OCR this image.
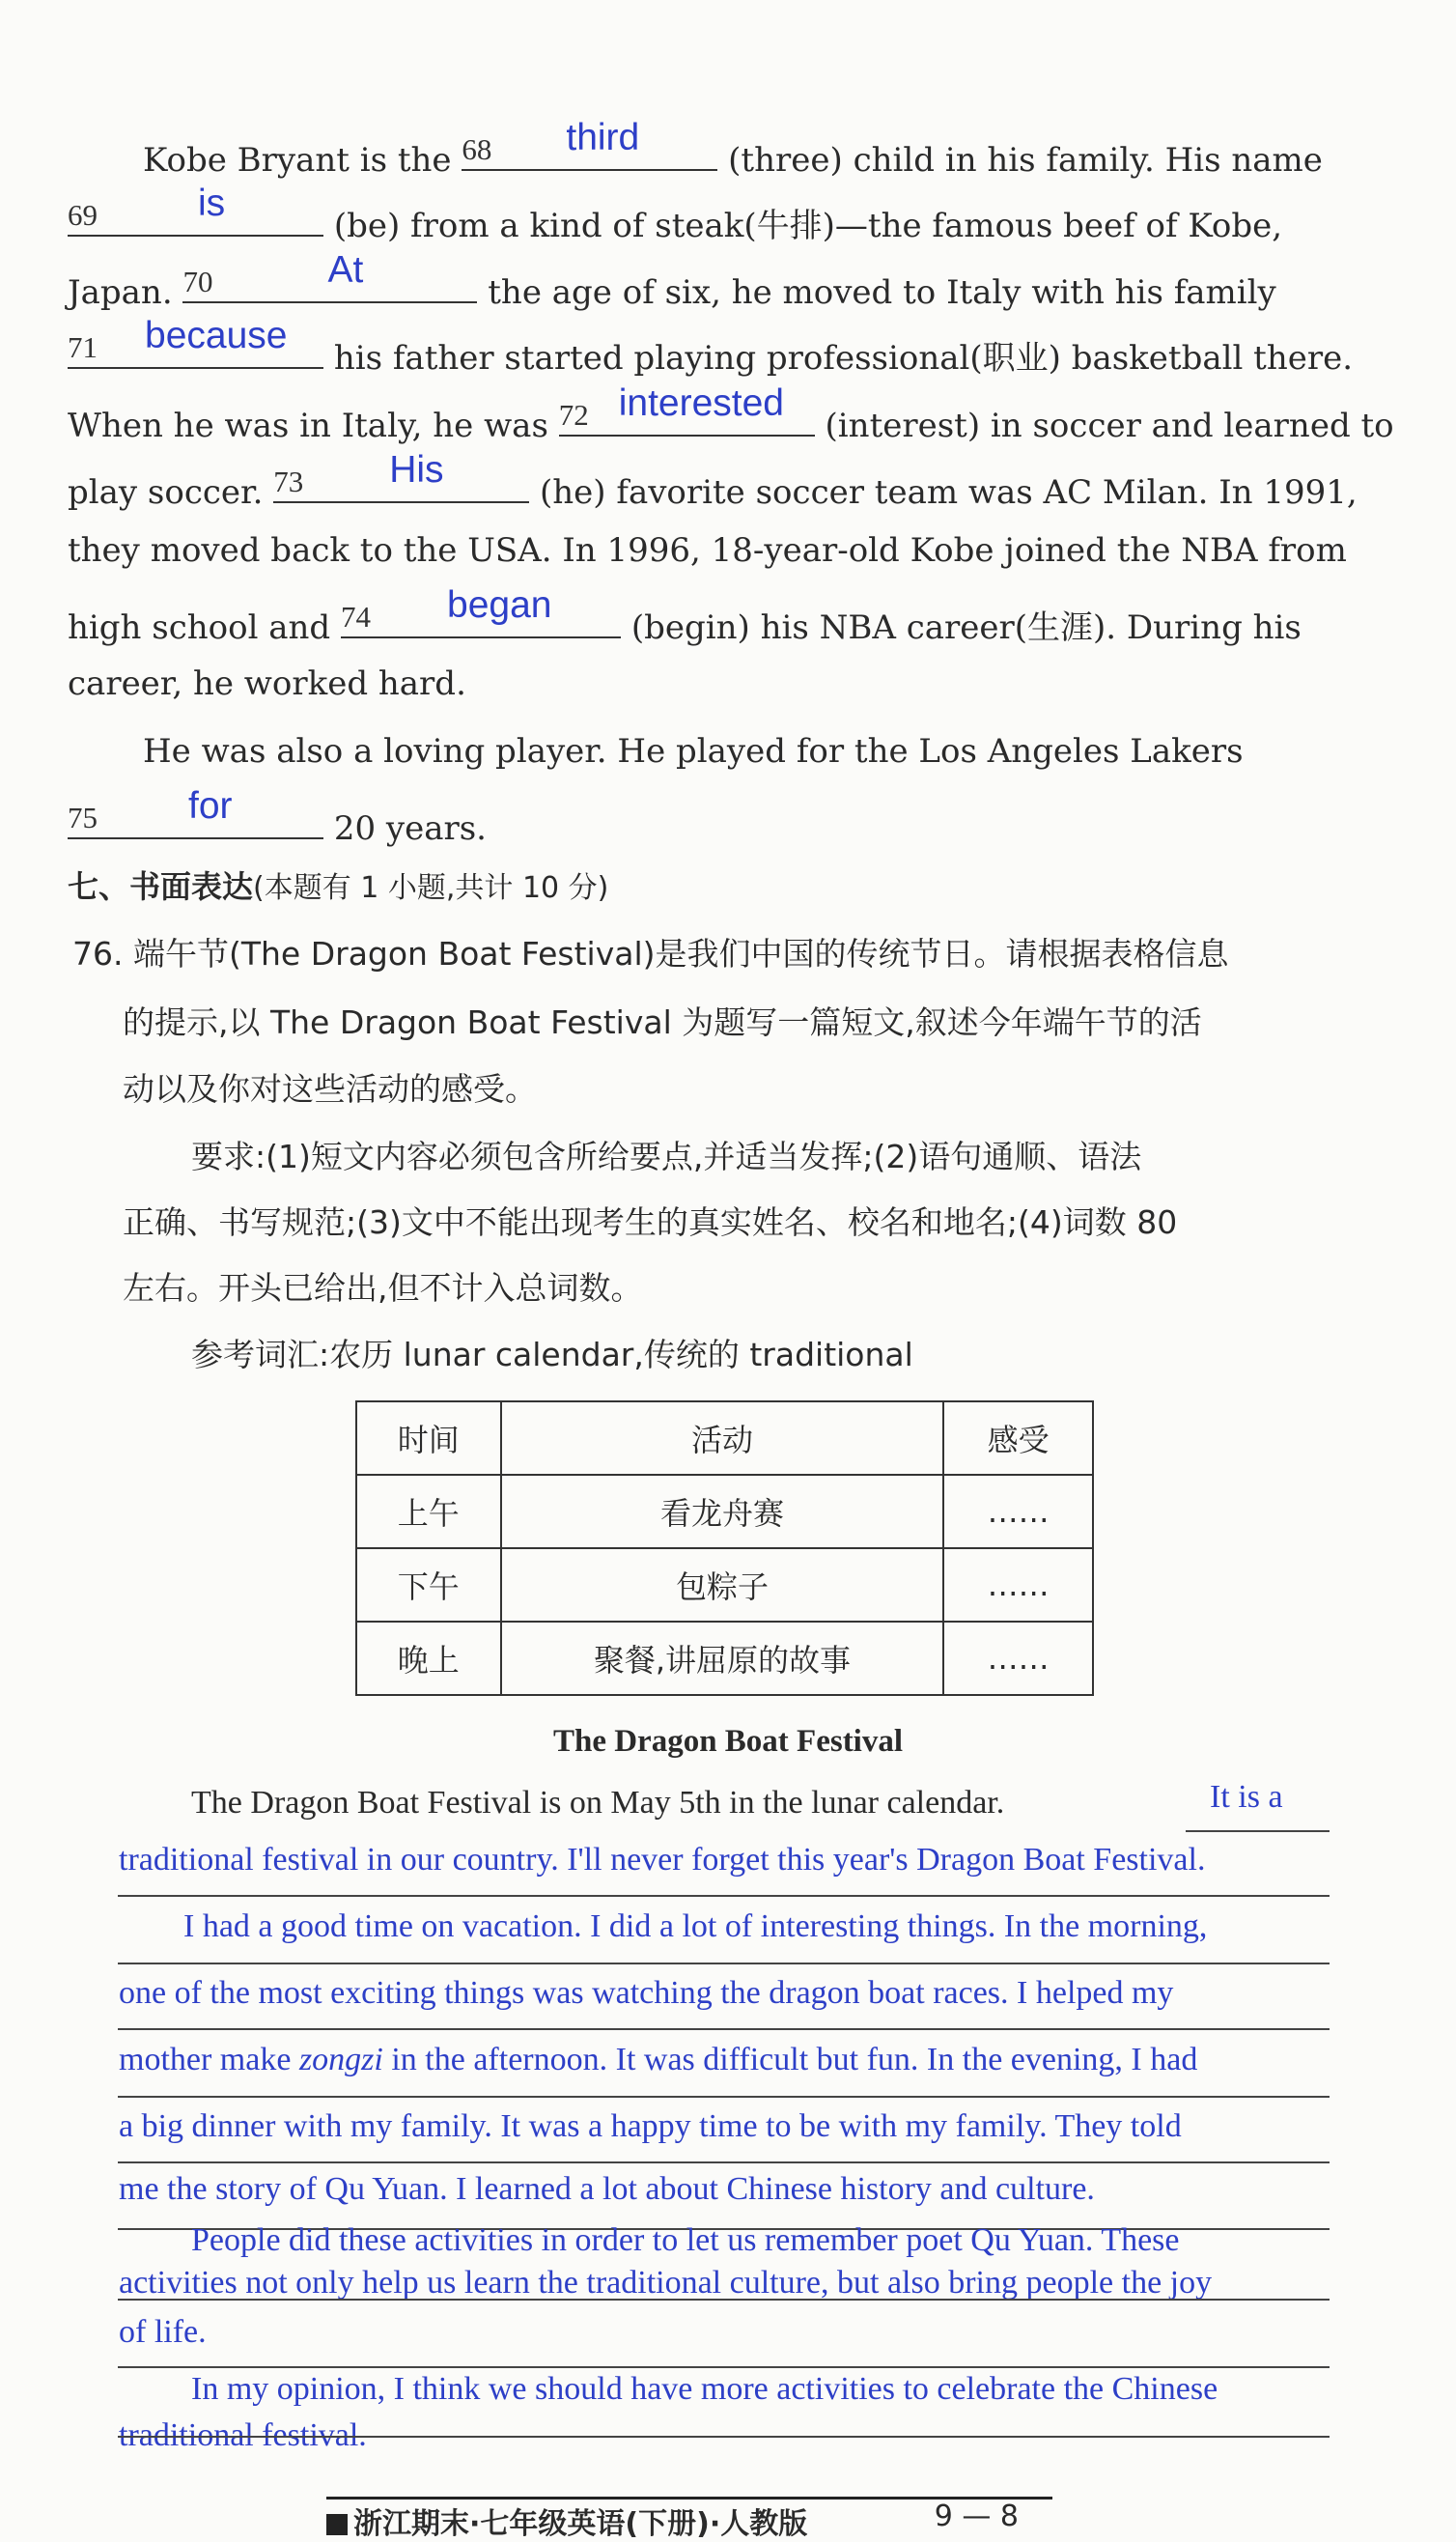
Kobe Bryant is the 68 third
(three) child in his family. His name
69	is
(be) from a kind of steak(牛排)—the famous beef of Kobe,
Japan. 70	At
the age of six, he moved to Italy with his family
71 because
his father started playing professional(职业) basketball there.
When he was in Italy, he was 72 interested
(interest) in soccer and learned to
play soccer. 73 His
(he) favorite soccer team was AC Milan. In 1991,
they moved back to the USA. In 1996, 18-year-old Kobe joined the NBA from
high school and 74 began
(begin) his NBA career(生涯). During his
career, he worked hard.
He was also a loving player. He played for the Los Angeles Lakers
75 for
20 years.
七、书面表达(本题有 1 小题,共计 10 分)
76. 端午节(The Dragon Boat Festival)是我们中国的传统节日。请根据表格信息
的提示,以 The Dragon Boat Festival 为题写一篇短文,叙述今年端午节的活
动以及你对这些活动的感受。
要求:(1)短文内容必须包含所给要点,并适当发挥;(2)语句通顺、语法
正确、书写规范;(3)文中不能出现考生的真实姓名、校名和地名;(4)词数 80
左右。开头已给出,但不计入总词数。
参考词汇:农历 lunar calendar,传统的 traditional
时间	活动	感受
上午	看龙舟赛	……
下午	包粽子	……
晚上	聚餐,讲屈原的故事	……
The Dragon Boat Festival
The Dragon Boat Festival is on May 5th in the lunar calendar.	It is a
traditional festival in our country. I'll never forget this year's Dragon Boat Festival.
I had a good time on vacation. I did a lot of interesting things. In the morning,
one of the most exciting things was watching the dragon boat races. I helped my
mother make zongzi in the afternoon. It was difficult but fun. In the evening, I had
a big dinner with my family. It was a happy time to be with my family. They told
me the story of Qu Yuan. I learned a lot about Chinese history and culture.
People did these activities in order to let us remember poet Qu Yuan. These
activities not only help us learn the traditional culture, but also bring people the joy
of life.
In my opinion, I think we should have more activities to celebrate the Chinese
traditional festival.
浙江期末·七年级英语(下册)·人教版	9 — 8
